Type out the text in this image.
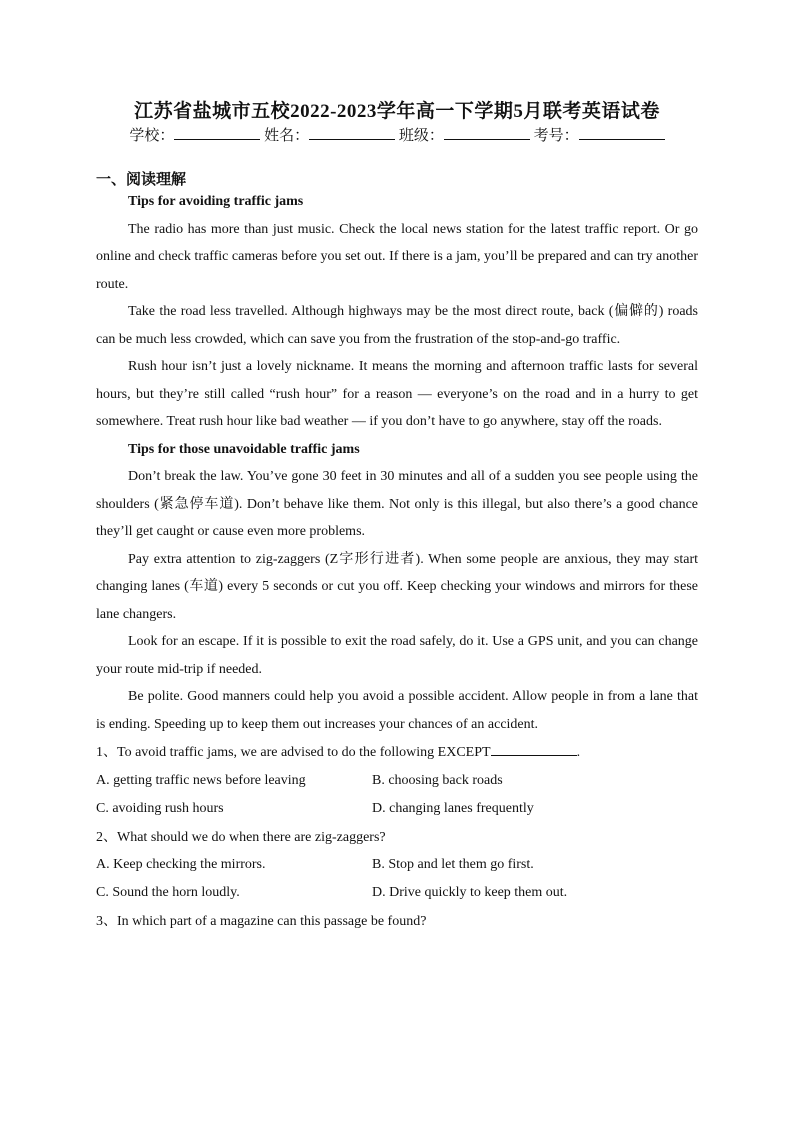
江苏省盐城市五校2022-2023学年高一下学期5月联考英语试卷
学校：	姓名：	班级：	考号：
一、阅读理解
Tips for avoiding traffic jams
The radio has more than just music. Check the local news station for the latest traffic report. Or go online and check traffic cameras before you set out. If there is a jam, you’ll be prepared and can try another route.
Take the road less travelled. Although highways may be the most direct route, back (偏僻的) roads can be much less crowded, which can save you from the frustration of the stop-and-go traffic.
Rush hour isn’t just a lovely nickname. It means the morning and afternoon traffic lasts for several hours, but they’re still called “rush hour” for a reason — everyone’s on the road and in a hurry to get somewhere. Treat rush hour like bad weather — if you don’t have to go anywhere, stay off the roads.
Tips for those unavoidable traffic jams
Don’t break the law. You’ve gone 30 feet in 30 minutes and all of a sudden you see people using the shoulders (紧急停车道). Don’t behave like them. Not only is this illegal, but also there’s a good chance they’ll get caught or cause even more problems.
Pay extra attention to zig-zaggers (Z字形行进者). When some people are anxious, they may start changing lanes (车道) every 5 seconds or cut you off. Keep checking your windows and mirrors for these lane changers.
Look for an escape. If it is possible to exit the road safely, do it. Use a GPS unit, and you can change your route mid-trip if needed.
Be polite. Good manners could help you avoid a possible accident. Allow people in from a lane that is ending. Speeding up to keep them out increases your chances of an accident.
1、To avoid traffic jams, we are advised to do the following EXCEPT	.
A. getting traffic news before leaving	B. choosing back roads
C. avoiding rush hours	D. changing lanes frequently
2、What should we do when there are zig-zaggers?
A. Keep checking the mirrors.	B. Stop and let them go first.
C. Sound the horn loudly.	D. Drive quickly to keep them out.
3、In which part of a magazine can this passage be found?
